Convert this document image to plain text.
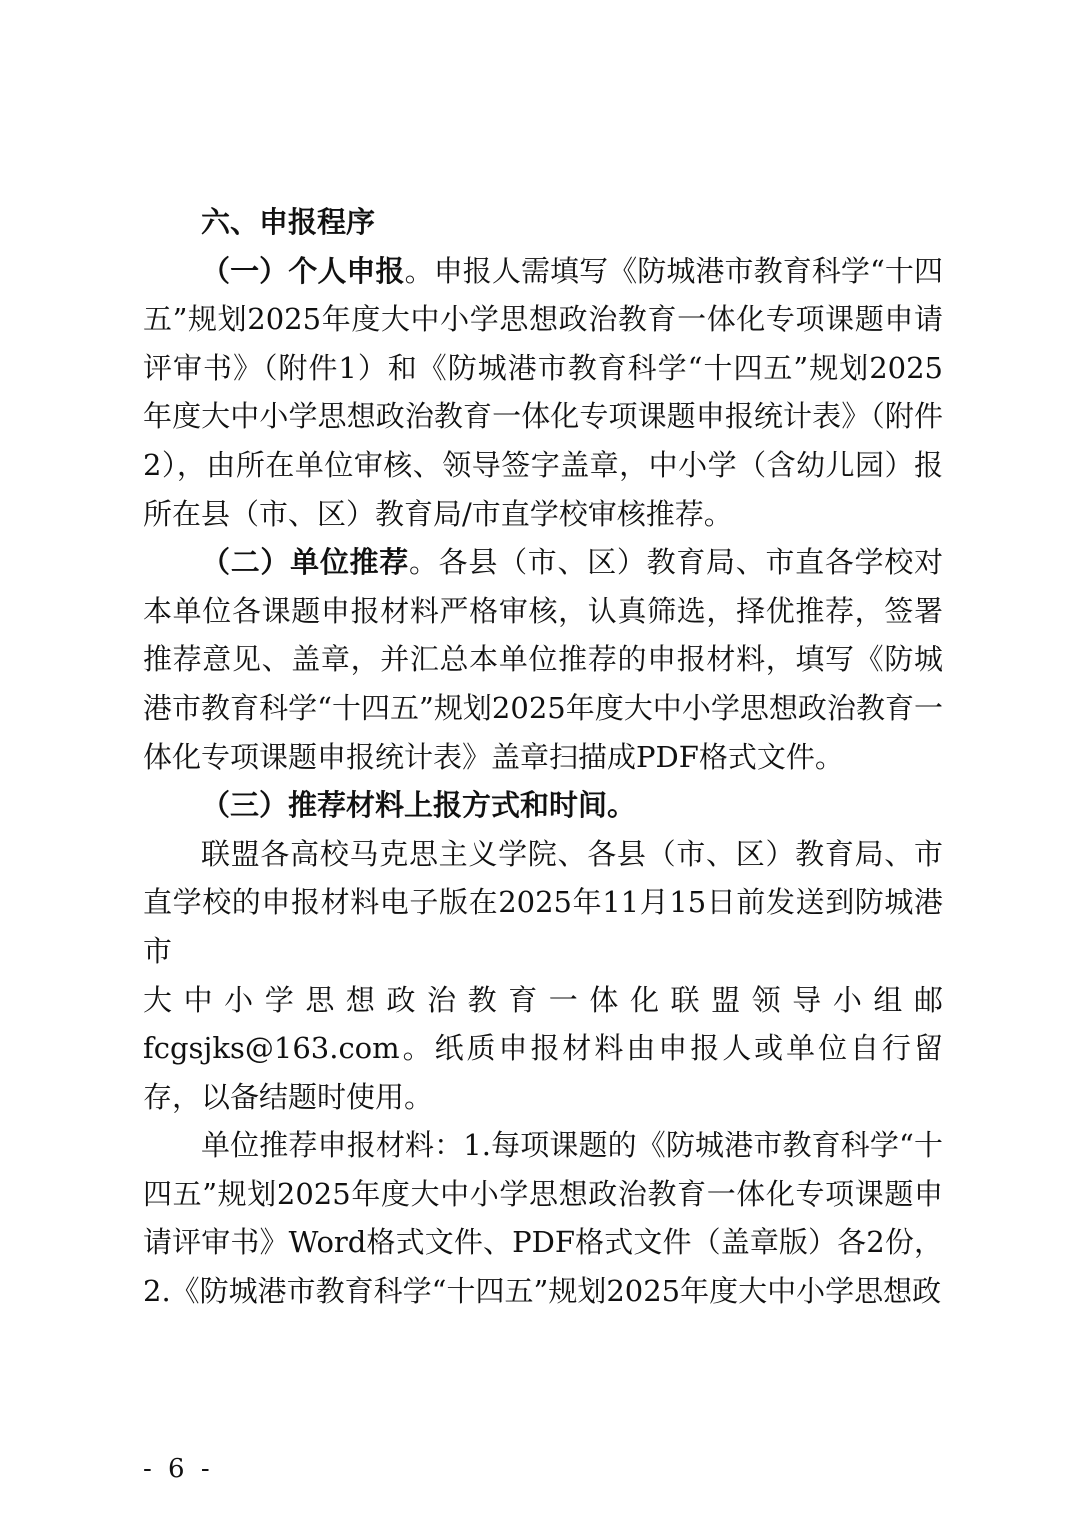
六、申报程序

（一）个人申报。申报人需填写《防城港市教育科学“十四五”规划2025年度大中小学思想政治教育一体化专项课题申请评审书》（附件1）和《防城港市教育科学“十四五”规划2025年度大中小学思想政治教育一体化专项课题申报统计表》（附件2），由所在单位审核、领导签字盖章，中小学（含幼儿园）报所在县（市、区）教育局/市直学校审核推荐。

（二）单位推荐。各县（市、区）教育局、市直各学校对本单位各课题申报材料严格审核，认真筛选，择优推荐，签署推荐意见、盖章，并汇总本单位推荐的申报材料，填写《防城港市教育科学“十四五”规划2025年度大中小学思想政治教育一体化专项课题申报统计表》盖章扫描成PDF格式文件。

（三）推荐材料上报方式和时间。

联盟各高校马克思主义学院、各县（市、区）教育局、市直学校的申报材料电子版在2025年11月15日前发送到防城港市

大中小学思想政治教育一体化联盟领导小组邮

fcgsjks@163.com。纸质申报材料由申报人或单位自行留存，以备结题时使用。

单位推荐申报材料：1.每项课题的《防城港市教育科学“十四五”规划2025年度大中小学思想政治教育一体化专项课题申请评审书》Word格式文件、PDF格式文件（盖章版）各2份，2.《防城港市教育科学“十四五”规划2025年度大中小学思想政

- 6 -
